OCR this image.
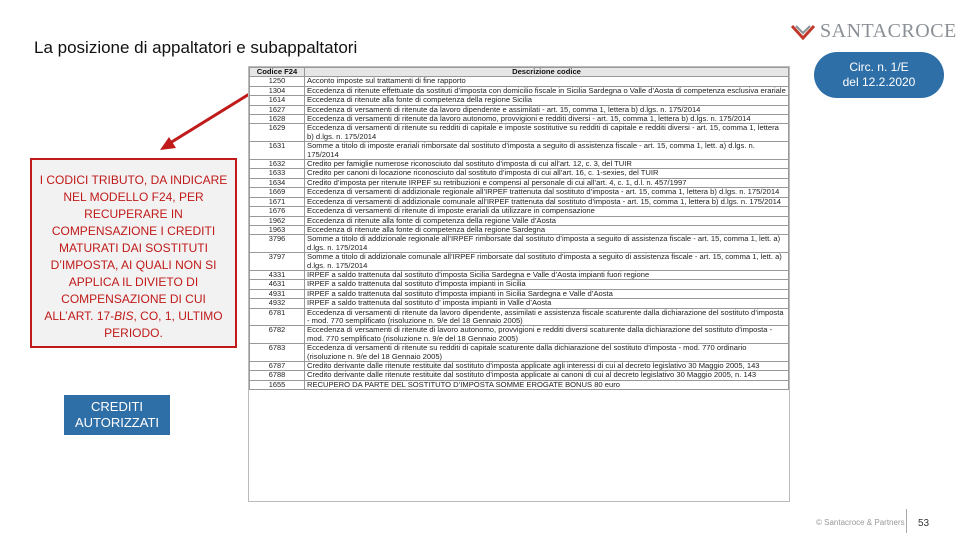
La posizione di appaltatori e subappaltatori
SANTACROCE
Circ. n. 1/E
del 12.2.2020
I CODICI TRIBUTO, DA INDICARE NEL MODELLO F24, PER RECUPERARE IN COMPENSAZIONE I CREDITI MATURATI DAI SOSTITUTI D’IMPOSTA, AI QUALI NON SI APPLICA IL DIVIETO DI COMPENSAZIONE DI CUI ALL’ART. 17-BIS, CO, 1, ULTIMO PERIODO.
CREDITI
AUTORIZZATI
Codice F24	Descrizione codice
1250	Acconto imposte sul trattamenti di fine rapporto
1304	Eccedenza di ritenute effettuate da sostituti d’imposta con domicilio fiscale in Sicilia Sardegna o Valle d’Aosta di competenza esclusiva erariale
1614	Eccedenza di ritenute alla fonte di competenza della regione Sicilia
1627	Eccedenza di versamenti di ritenute da lavoro dipendente e assimilati - art. 15, comma 1, lettera b) d.lgs. n. 175/2014
1628	Eccedenza di versamenti di ritenute da lavoro autonomo, provvigioni e redditi diversi - art. 15, comma 1, lettera b) d.lgs. n. 175/2014
1629	Eccedenza di versamenti di ritenute su redditi di capitale e imposte sostitutive su redditi di capitale e redditi diversi - art. 15, comma 1, lettera b) d.lgs. n. 175/2014
1631	Somme a titolo di imposte erariali rimborsate dal sostituto d’imposta a seguito di assistenza fiscale - art. 15, comma 1, lett. a) d.lgs. n. 175/2014
1632	Credito per famiglie numerose riconosciuto dal sostituto d’imposta di cui all’art. 12, c. 3, del TUIR
1633	Credito per canoni di locazione riconosciuto dal sostituto d’imposta di cui all’art. 16, c. 1-sexies, del TUIR
1634	Credito d’imposta per ritenute IRPEF su retribuzioni e compensi al personale di cui all’art. 4, c. 1, d.l. n. 457/1997
1669	Eccedenza di versamenti di addizionale regionale all’IRPEF trattenuta dal sostituto d’imposta - art. 15, comma 1, lettera b) d.lgs. n. 175/2014
1671	Eccedenza di versamenti di addizionale comunale all’IRPEF trattenuta dal sostituto d’imposta - art. 15, comma 1, lettera b) d.lgs. n. 175/2014
1676	Eccedenza di versamenti di ritenute di imposte erariali da utilizzare in compensazione
1962	Eccedenza di ritenute alla fonte di competenza della regione Valle d’Aosta
1963	Eccedenza di ritenute alla fonte di competenza della regione Sardegna
3796	Somme a titolo di addizionale regionale all’IRPEF rimborsate dal sostituto d’imposta a seguito di assistenza fiscale - art. 15, comma 1, lett. a) d.lgs. n. 175/2014
3797	Somme a titolo di addizionale comunale all’IRPEF rimborsate dal sostituto d’imposta a seguito di assistenza fiscale - art. 15, comma 1, lett. a) d.lgs. n. 175/2014
4331	IRPEF a saldo trattenuta dal sostituto d’imposta Sicilia Sardegna e Valle d’Aosta impianti fuori regione
4631	IRPEF a saldo trattenuta dal sostituto d’imposta impianti in Sicilia
4931	IRPEF a saldo trattenuta dal sostituto d’imposta impianti in Sicilia Sardegna e Valle d’Aosta
4932	IRPEF a saldo trattenuta dal sostituto d’ imposta impianti in Valle d’Aosta
6781	Eccedenza di versamenti di ritenute da lavoro dipendente, assimilati e assistenza fiscale scaturente dalla dichiarazione del sostituto d’imposta - mod. 770 semplificato (risoluzione n. 9/e del 18 Gennaio 2005)
6782	Eccedenza di versamenti di ritenute di lavoro autonomo, provvigioni e redditi diversi scaturente dalla dichiarazione del sostituto d’imposta - mod. 770 semplificato (risoluzione n. 9/e del 18 Gennaio 2005)
6783	Eccedenza di versamenti di ritenute su redditi di capitale scaturente dalla dichiarazione del sostituto d’imposta - mod. 770 ordinario (risoluzione n. 9/e del 18 Gennaio 2005)
6787	Credito derivante dalle ritenute restituite dal sostituto d’imposta applicate agli interessi di cui al decreto legislativo 30 Maggio 2005, 143
6788	Credito derivante dalle ritenute restituite dal sostituto d’imposta applicate ai canoni di cui al decreto legislativo 30 Maggio 2005, n. 143
1655	RECUPERO DA PARTE DEL SOSTITUTO D’IMPOSTA SOMME EROGATE BONUS 80 euro
© Santacroce & Partners 53
